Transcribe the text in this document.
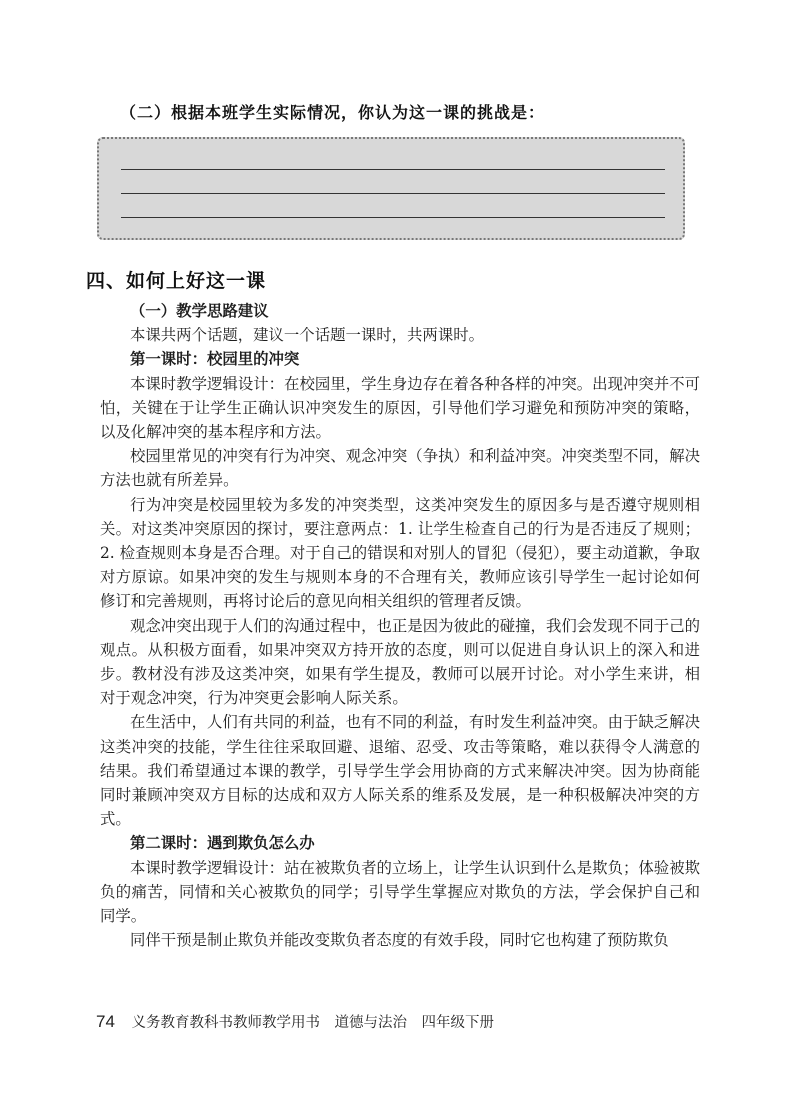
（二）根据本班学生实际情况，你认为这一课的挑战是：
四、如何上好这一课

（一）教学思路建议

本课共两个话题，建议一个话题一课时，共两课时。

第一课时：校园里的冲突

本课时教学逻辑设计：在校园里，学生身边存在着各种各样的冲突。出现冲突并不可怕，关键在于让学生正确认识冲突发生的原因，引导他们学习避免和预防冲突的策略，以及化解冲突的基本程序和方法。

校园里常见的冲突有行为冲突、观念冲突（争执）和利益冲突。冲突类型不同，解决方法也就有所差异。

行为冲突是校园里较为多发的冲突类型，这类冲突发生的原因多与是否遵守规则相关。对这类冲突原因的探讨，要注意两点：1. 让学生检查自己的行为是否违反了规则；2. 检查规则本身是否合理。对于自己的错误和对别人的冒犯（侵犯），要主动道歉，争取对方原谅。如果冲突的发生与规则本身的不合理有关，教师应该引导学生一起讨论如何修订和完善规则，再将讨论后的意见向相关组织的管理者反馈。

观念冲突出现于人们的沟通过程中，也正是因为彼此的碰撞，我们会发现不同于己的观点。从积极方面看，如果冲突双方持开放的态度，则可以促进自身认识上的深入和进步。教材没有涉及这类冲突，如果有学生提及，教师可以展开讨论。对小学生来讲，相对于观念冲突，行为冲突更会影响人际关系。

在生活中，人们有共同的利益，也有不同的利益，有时发生利益冲突。由于缺乏解决这类冲突的技能，学生往往采取回避、退缩、忍受、攻击等策略，难以获得令人满意的结果。我们希望通过本课的教学，引导学生学会用协商的方式来解决冲突。因为协商能同时兼顾冲突双方目标的达成和双方人际关系的维系及发展，是一种积极解决冲突的方式。

第二课时：遇到欺负怎么办

本课时教学逻辑设计：站在被欺负者的立场上，让学生认识到什么是欺负；体验被欺负的痛苦，同情和关心被欺负的同学；引导学生掌握应对欺负的方法，学会保护自己和同学。

同伴干预是制止欺负并能改变欺负者态度的有效手段，同时它也构建了预防欺负

74 义务教育教科书教师教学用书　道德与法治　四年级下册
